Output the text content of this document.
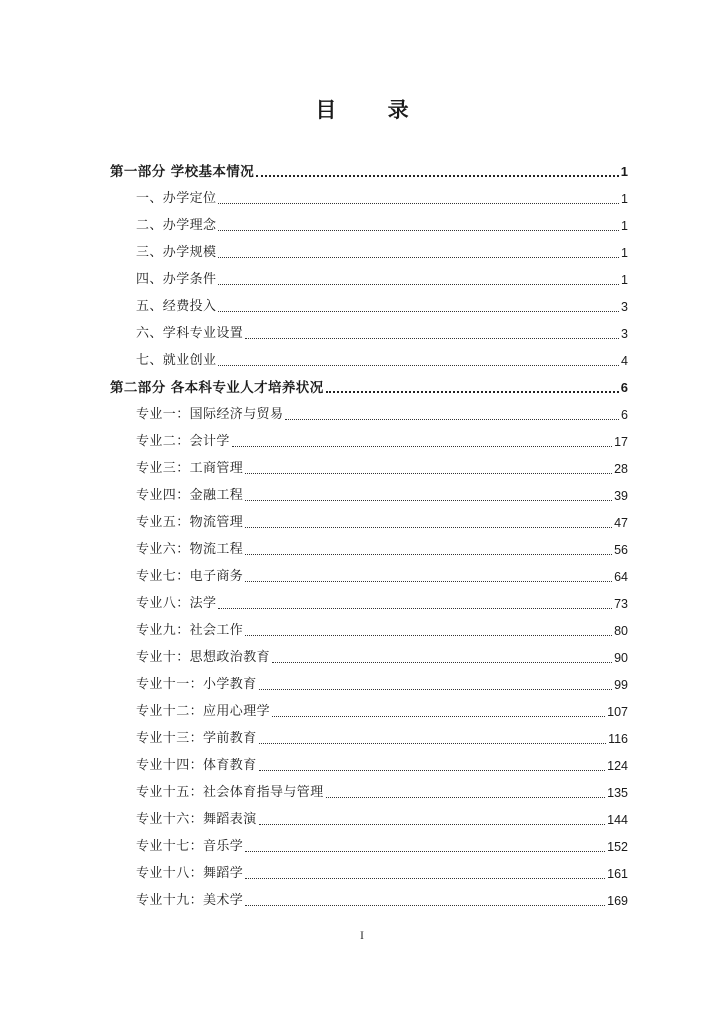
目 录
第一部分 学校基本情况	1
一、办学定位	1
二、办学理念	1
三、办学规模	1
四、办学条件	1
五、经费投入	3
六、学科专业设置	3
七、就业创业	4
第二部分 各本科专业人才培养状况	6
专业一：国际经济与贸易	6
专业二：会计学	17
专业三：工商管理	28
专业四：金融工程	39
专业五：物流管理	47
专业六：物流工程	56
专业七：电子商务	64
专业八：法学	73
专业九：社会工作	80
专业十：思想政治教育	90
专业十一：小学教育	99
专业十二：应用心理学	107
专业十三：学前教育	116
专业十四：体育教育	124
专业十五：社会体育指导与管理	135
专业十六：舞蹈表演	144
专业十七：音乐学	152
专业十八：舞蹈学	161
专业十九：美术学	169
I
